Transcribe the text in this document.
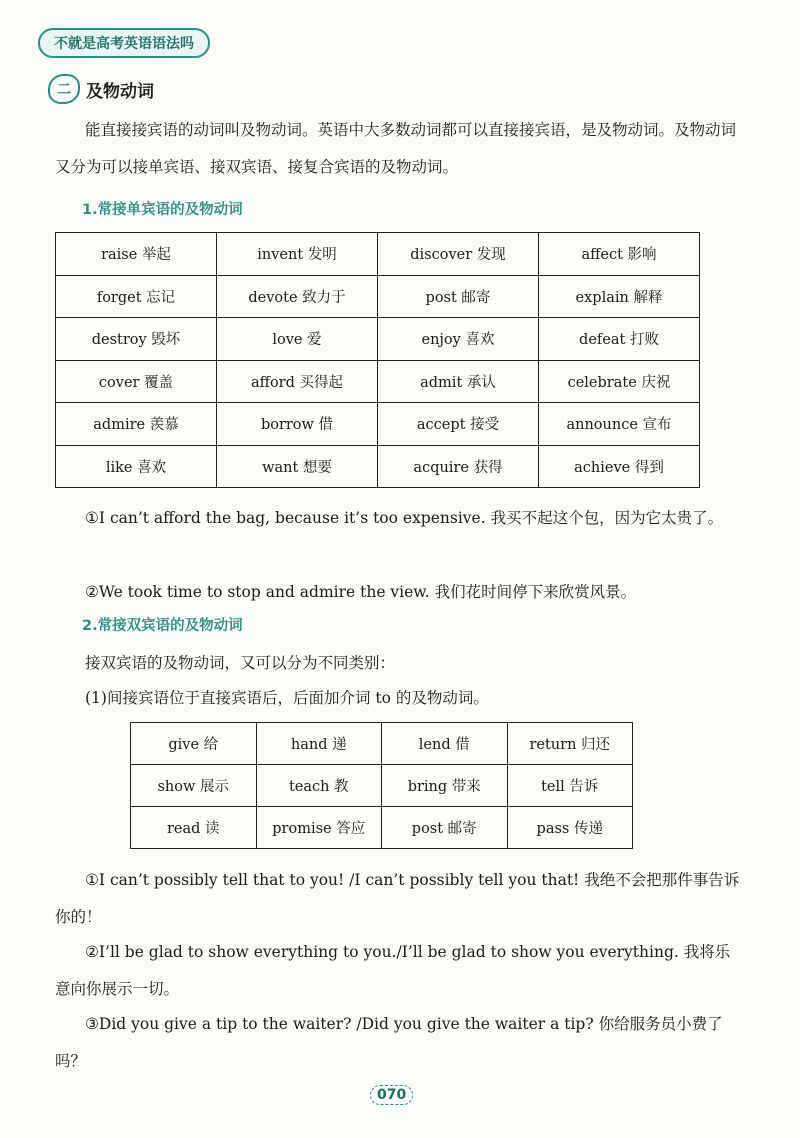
不就是高考英语语法吗
二 及物动词

能直接接宾语的动词叫及物动词。英语中大多数动词都可以直接接宾语，是及物动词。及物动词又分为可以接单宾语、接双宾语、接复合宾语的及物动词。

1.常接单宾语的及物动词
raise 举起	invent 发明	discover 发现	affect 影响
forget 忘记	devote 致力于	post 邮寄	explain 解释
destroy 毁坏	love 爱	enjoy 喜欢	defeat 打败
cover 覆盖	afford 买得起	admit 承认	celebrate 庆祝
admire 羡慕	borrow 借	accept 接受	announce 宣布
like 喜欢	want 想要	acquire 获得	achieve 得到

①I can’t afford the bag, because it’s too expensive. 我买不起这个包，因为它太贵了。

②We took time to stop and admire the view. 我们花时间停下来欣赏风景。

2.常接双宾语的及物动词
接双宾语的及物动词，又可以分为不同类别：
(1)间接宾语位于直接宾语后，后面加介词 to 的及物动词。
give 给	hand 递	lend 借	return 归还
show 展示	teach 教	bring 带来	tell 告诉
read 读	promise 答应	post 邮寄	pass 传递

①I can’t possibly tell that to you! /I can’t possibly tell you that! 我绝不会把那件事告诉你的！

②I’ll be glad to show everything to you./I’ll be glad to show you everything. 我将乐意向你展示一切。

③Did you give a tip to the waiter? /Did you give the waiter a tip? 你给服务员小费了吗？

070
